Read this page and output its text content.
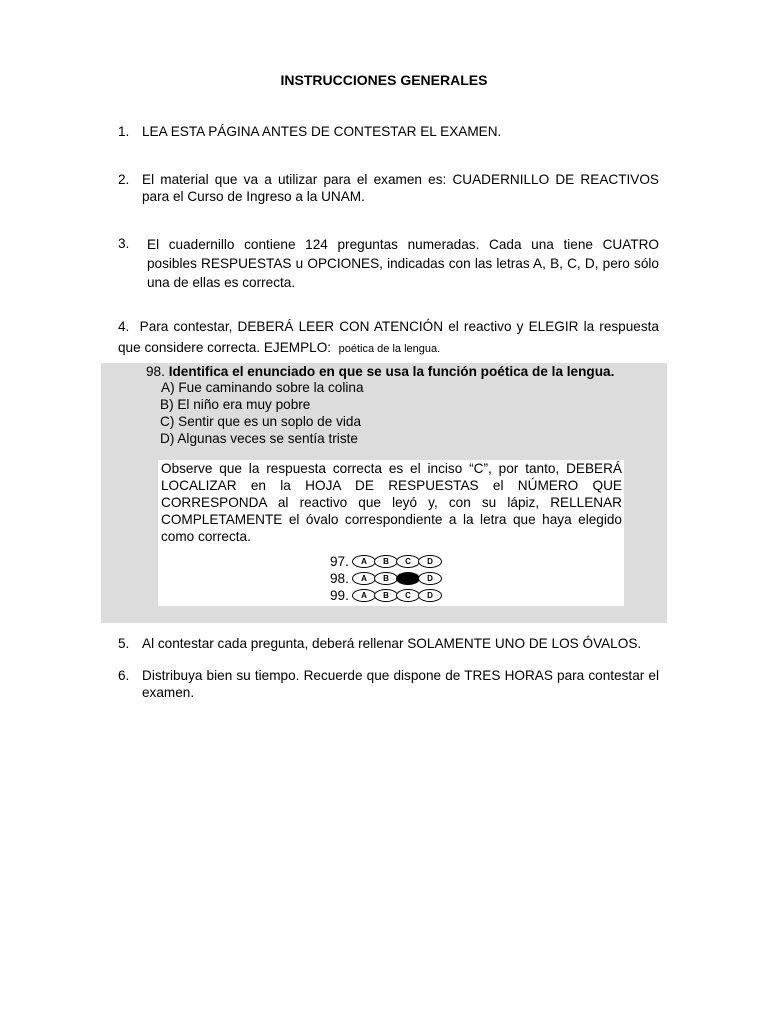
INSTRUCCIONES GENERALES
1. LEA ESTA PÁGINA ANTES DE CONTESTAR EL EXAMEN.
2. El material que va a utilizar para el examen es: CUADERNILLO DE REACTIVOS para el Curso de Ingreso a la UNAM.
3. El cuadernillo contiene 124 preguntas numeradas. Cada una tiene CUATRO posibles RESPUESTAS u OPCIONES, indicadas con las letras A, B, C, D, pero sólo una de ellas es correcta.
4. Para contestar, DEBERÁ LEER CON ATENCIÓN el reactivo y ELEGIR la respuesta que considere correcta. EJEMPLO: poética de la lengua.
98. Identifica el enunciado en que se usa la función poética de la lengua.
A) Fue caminando sobre la colina
B) El niño era muy pobre
C) Sentir que es un soplo de vida
D) Algunas veces se sentía triste
Observe que la respuesta correcta es el inciso “C”, por tanto, DEBERÁ LOCALIZAR en la HOJA DE RESPUESTAS el NÚMERO QUE CORRESPONDA al reactivo que leyó y, con su lápiz, RELLENAR COMPLETAMENTE el óvalo correspondiente a la letra que haya elegido como correcta.
97. A B C D
98. A B C D
99. A B C D
5. Al contestar cada pregunta, deberá rellenar SOLAMENTE UNO DE LOS ÓVALOS.
6. Distribuya bien su tiempo. Recuerde que dispone de TRES HORAS para contestar el examen.
